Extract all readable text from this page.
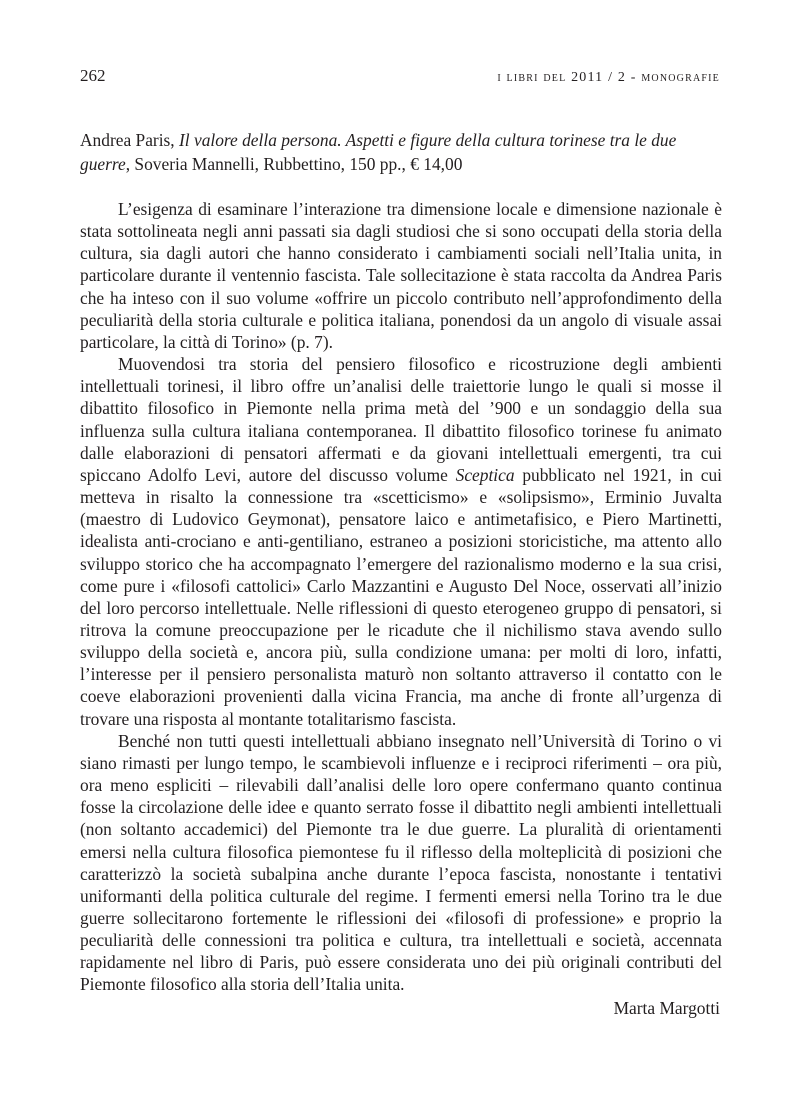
262	i libri del 2011 / 2 - monografie
Andrea Paris, Il valore della persona. Aspetti e figure della cultura torinese tra le due guerre, Soveria Mannelli, Rubbettino, 150 pp., € 14,00

L’esigenza di esaminare l’interazione tra dimensione locale e dimensione nazionale è stata sottolineata negli anni passati sia dagli studiosi che si sono occupati della storia della cultura, sia dagli autori che hanno considerato i cambiamenti sociali nell’Italia unita, in particolare durante il ventennio fascista. Tale sollecitazione è stata raccolta da Andrea Paris che ha inteso con il suo volume «offrire un piccolo contributo nell’approfondimento della peculiarità della storia culturale e politica italiana, ponendosi da un angolo di visuale assai particolare, la città di Torino» (p. 7).

Muovendosi tra storia del pensiero filosofico e ricostruzione degli ambienti intellettuali torinesi, il libro offre un’analisi delle traiettorie lungo le quali si mosse il dibattito filosofico in Piemonte nella prima metà del ’900 e un sondaggio della sua influenza sulla cultura italiana contemporanea. Il dibattito filosofico torinese fu animato dalle elaborazioni di pensatori affermati e da giovani intellettuali emergenti, tra cui spiccano Adolfo Levi, autore del discusso volume Sceptica pubblicato nel 1921, in cui metteva in risalto la connessione tra «scetticismo» e «solipsismo», Erminio Juvalta (maestro di Ludovico Geymonat), pensatore laico e antimetafisico, e Piero Martinetti, idealista anti-crociano e anti-gentiliano, estraneo a posizioni storicistiche, ma attento allo sviluppo storico che ha accompagnato l’emergere del razionalismo moderno e la sua crisi, come pure i «filosofi cattolici» Carlo Mazzantini e Augusto Del Noce, osservati all’inizio del loro percorso intellettuale. Nelle riflessioni di questo eterogeneo gruppo di pensatori, si ritrova la comune preoccupazione per le ricadute che il nichilismo stava avendo sullo sviluppo della società e, ancora più, sulla condizione umana: per molti di loro, infatti, l’interesse per il pensiero personalista maturò non soltanto attraverso il contatto con le coeve elaborazioni provenienti dalla vicina Francia, ma anche di fronte all’urgenza di trovare una risposta al montante totalitarismo fascista.

Benché non tutti questi intellettuali abbiano insegnato nell’Università di Torino o vi siano rimasti per lungo tempo, le scambievoli influenze e i reciproci riferimenti – ora più, ora meno espliciti – rilevabili dall’analisi delle loro opere confermano quanto continua fosse la circolazione delle idee e quanto serrato fosse il dibattito negli ambienti intellettuali (non soltanto accademici) del Piemonte tra le due guerre. La pluralità di orientamenti emersi nella cultura filosofica piemontese fu il riflesso della molteplicità di posizioni che caratterizzò la società subalpina anche durante l’epoca fascista, nonostante i tentativi uniformanti della politica culturale del regime. I fermenti emersi nella Torino tra le due guerre sollecitarono fortemente le riflessioni dei «filosofi di professione» e proprio la peculiarità delle connessioni tra politica e cultura, tra intellettuali e società, accennata rapidamente nel libro di Paris, può essere considerata uno dei più originali contributi del Piemonte filosofico alla storia dell’Italia unita.

Marta Margotti
